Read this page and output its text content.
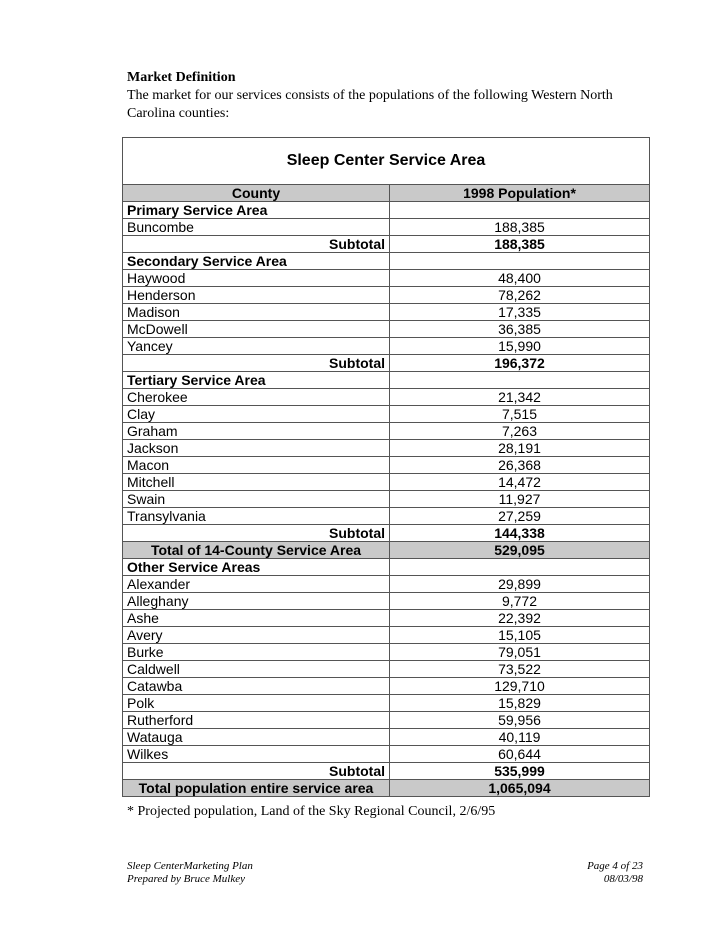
Market Definition
The market for our services consists of the populations of the following Western North Carolina counties:
Sleep Center Service Area	
County	1998 Population*
Primary Service Area	
Buncombe	188,385
Subtotal	188,385
Secondary Service Area	
Haywood	48,400
Henderson	78,262
Madison	17,335
McDowell	36,385
Yancey	15,990
Subtotal	196,372
Tertiary Service Area	
Cherokee	21,342
Clay	7,515
Graham	7,263
Jackson	28,191
Macon	26,368
Mitchell	14,472
Swain	11,927
Transylvania	27,259
Subtotal	144,338
Total of 14-County Service Area	529,095
Other Service Areas	
Alexander	29,899
Alleghany	9,772
Ashe	22,392
Avery	15,105
Burke	79,051
Caldwell	73,522
Catawba	129,710
Polk	15,829
Rutherford	59,956
Watauga	40,119
Wilkes	60,644
Subtotal	535,999
Total population entire service area	1,065,094
* Projected population, Land of the Sky Regional Council, 2/6/95
Sleep CenterMarketing Plan
Prepared by Bruce Mulkey
Page 4 of 23
08/03/98
